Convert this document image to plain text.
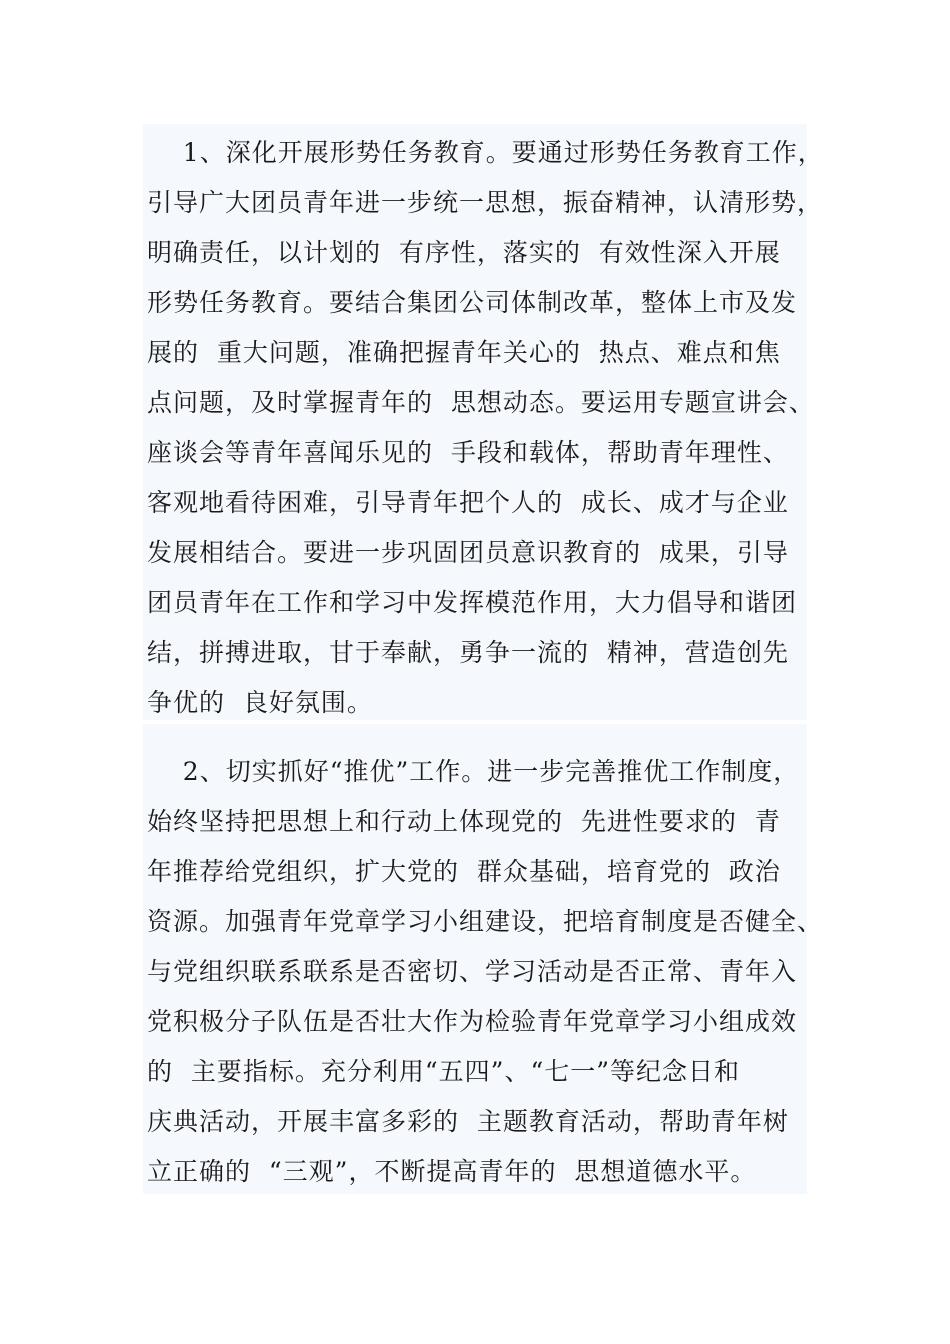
1、深化开展形势任务教育。要通过形势任务教育工作，
引导广大团员青年进一步统一思想，振奋精神，认清形势，
明确责任，以计划的  有序性，落实的  有效性深入开展
形势任务教育。要结合集团公司体制改革，整体上市及发
展的  重大问题，准确把握青年关心的  热点、难点和焦
点问题，及时掌握青年的  思想动态。要运用专题宣讲会、
座谈会等青年喜闻乐见的  手段和载体，帮助青年理性、
客观地看待困难，引导青年把个人的  成长、成才与企业
发展相结合。要进一步巩固团员意识教育的  成果，引导
团员青年在工作和学习中发挥模范作用，大力倡导和谐团
结，拼搏进取，甘于奉献，勇争一流的  精神，营造创先
争优的  良好氛围。
2、切实抓好“推优”工作。进一步完善推优工作制度，
始终坚持把思想上和行动上体现党的  先进性要求的  青
年推荐给党组织，扩大党的  群众基础，培育党的  政治
资源。加强青年党章学习小组建设，把培育制度是否健全、
与党组织联系联系是否密切、学习活动是否正常、青年入
党积极分子队伍是否壮大作为检验青年党章学习小组成效
的  主要指标。充分利用“五四”、“七一”等纪念日和
庆典活动，开展丰富多彩的  主题教育活动，帮助青年树
立正确的  “三观”，不断提高青年的  思想道德水平。
